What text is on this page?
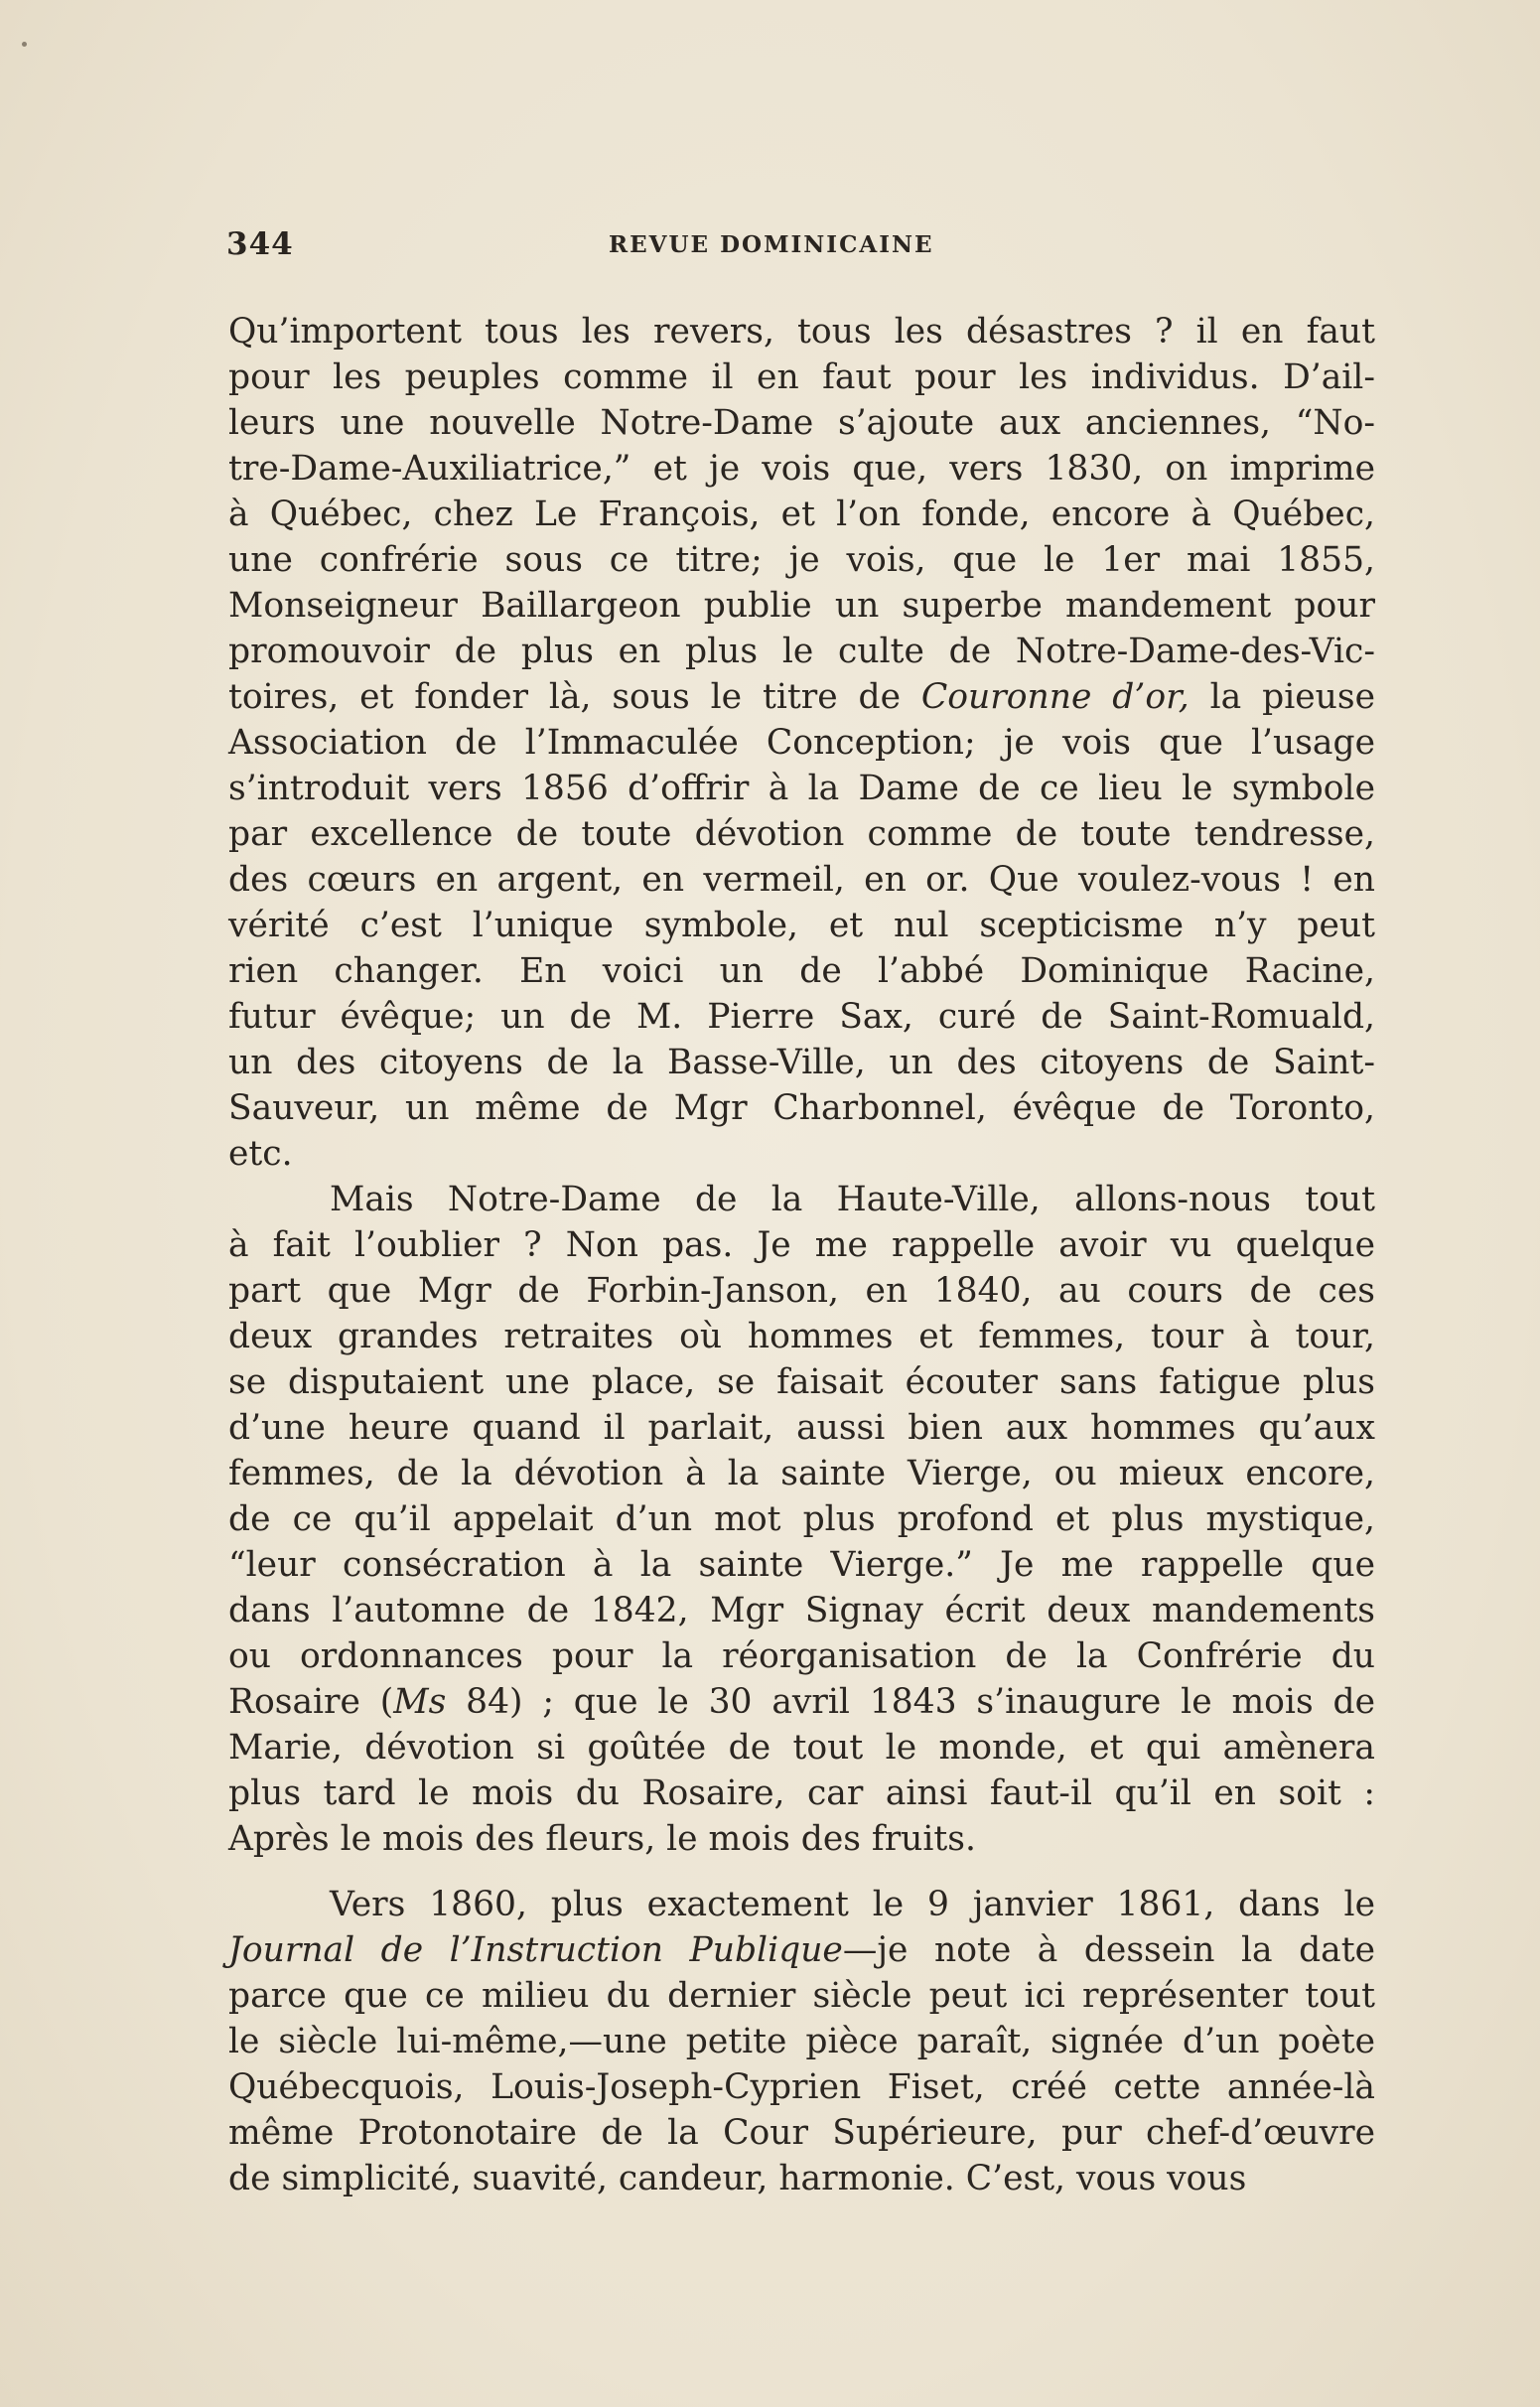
344	REVUE DOMINICAINE
Qu’importent tous les revers, tous les désastres ? il en faut
pour les peuples comme il en faut pour les individus. D’ail-
leurs une nouvelle Notre-Dame s’ajoute aux anciennes, “No-
tre-Dame-Auxiliatrice,” et je vois que, vers 1830, on imprime
à Québec, chez Le François, et l’on fonde, encore à Québec,
une confrérie sous ce titre; je vois, que le 1er mai 1855,
Monseigneur Baillargeon publie un superbe mandement pour
promouvoir de plus en plus le culte de Notre-Dame-des-Vic-
toires, et fonder là, sous le titre de Couronne d’or, la pieuse
Association de l’Immaculée Conception; je vois que l’usage
s’introduit vers 1856 d’offrir à la Dame de ce lieu le symbole
par excellence de toute dévotion comme de toute tendresse,
des cœurs en argent, en vermeil, en or. Que voulez-vous ! en
vérité c’est l’unique symbole, et nul scepticisme n’y peut
rien changer. En voici un de l’abbé Dominique Racine,
futur évêque; un de M. Pierre Sax, curé de Saint-Romuald,
un des citoyens de la Basse-Ville, un des citoyens de Saint-
Sauveur, un même de Mgr Charbonnel, évêque de Toronto,
etc.
Mais Notre-Dame de la Haute-Ville, allons-nous tout
à fait l’oublier ? Non pas. Je me rappelle avoir vu quelque
part que Mgr de Forbin-Janson, en 1840, au cours de ces
deux grandes retraites où hommes et femmes, tour à tour,
se disputaient une place, se faisait écouter sans fatigue plus
d’une heure quand il parlait, aussi bien aux hommes qu’aux
femmes, de la dévotion à la sainte Vierge, ou mieux encore,
de ce qu’il appelait d’un mot plus profond et plus mystique,
“leur consécration à la sainte Vierge.” Je me rappelle que
dans l’automne de 1842, Mgr Signay écrit deux mandements
ou ordonnances pour la réorganisation de la Confrérie du
Rosaire (Ms 84) ; que le 30 avril 1843 s’inaugure le mois de
Marie, dévotion si goûtée de tout le monde, et qui amènera
plus tard le mois du Rosaire, car ainsi faut-il qu’il en soit :
Après le mois des fleurs, le mois des fruits.
Vers 1860, plus exactement le 9 janvier 1861, dans le
Journal de l’Instruction Publique—je note à dessein la date
parce que ce milieu du dernier siècle peut ici représenter tout
le siècle lui-même,—une petite pièce paraît, signée d’un poète
Québecquois, Louis-Joseph-Cyprien Fiset, créé cette année-là
même Protonotaire de la Cour Supérieure, pur chef-d’œuvre
de simplicité, suavité, candeur, harmonie. C’est, vous vous
